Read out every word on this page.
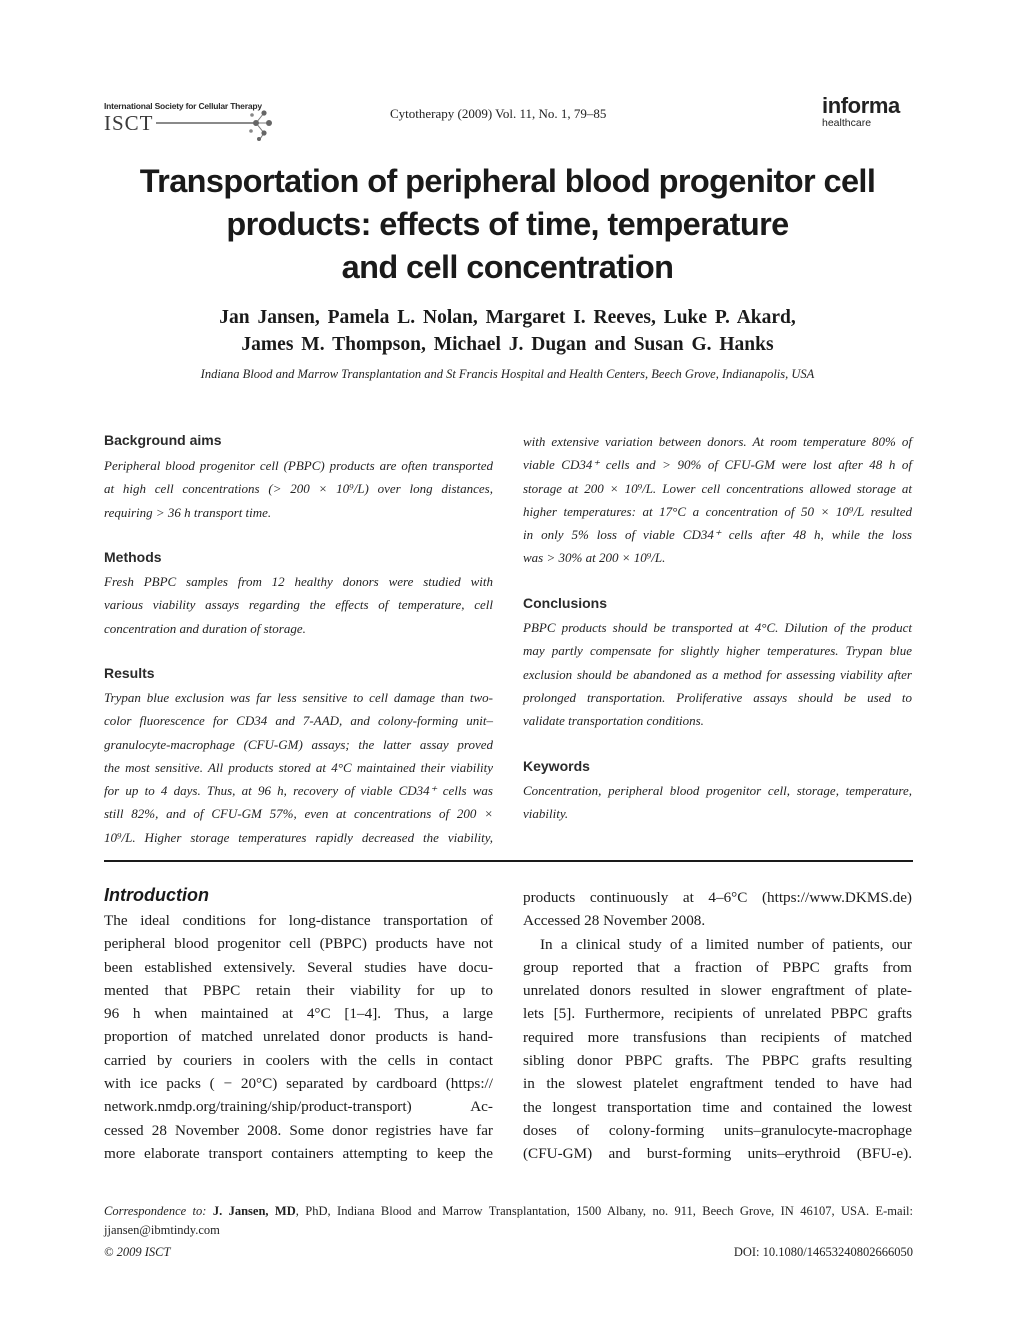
International Society for Cellular Therapy
ISCT	Cytotherapy (2009) Vol. 11, No. 1, 79–85	informa
healthcare
Transportation of peripheral blood progenitor cell
products: effects of time, temperature
and cell concentration
Jan Jansen, Pamela L. Nolan, Margaret I. Reeves, Luke P. Akard,
James M. Thompson, Michael J. Dugan and Susan G. Hanks
Indiana Blood and Marrow Transplantation and St Francis Hospital and Health Centers, Beech Grove, Indianapolis, USA
Background aims
Peripheral blood progenitor cell (PBPC) products are often transported
at high cell concentrations (> 200 × 10⁹/L) over long distances,
requiring > 36 h transport time.
Methods
Fresh PBPC samples from 12 healthy donors were studied with
various viability assays regarding the effects of temperature, cell
concentration and duration of storage.
Results
Trypan blue exclusion was far less sensitive to cell damage than two-
color fluorescence for CD34 and 7-AAD, and colony-forming unit–
granulocyte-macrophage (CFU-GM) assays; the latter assay proved
the most sensitive. All products stored at 4°C maintained their viability
for up to 4 days. Thus, at 96 h, recovery of viable CD34⁺ cells was
still 82%, and of CFU-GM 57%, even at concentrations of 200 ×
10⁹/L. Higher storage temperatures rapidly decreased the viability,
with extensive variation between donors. At room temperature 80% of
viable CD34⁺ cells and > 90% of CFU-GM were lost after 48 h of
storage at 200 × 10⁹/L. Lower cell concentrations allowed storage at
higher temperatures: at 17°C a concentration of 50 × 10⁹/L resulted
in only 5% loss of viable CD34⁺ cells after 48 h, while the loss
was > 30% at 200 × 10⁹/L.
Conclusions
PBPC products should be transported at 4°C. Dilution of the product
may partly compensate for slightly higher temperatures. Trypan blue
exclusion should be abandoned as a method for assessing viability after
prolonged transportation. Proliferative assays should be used to
validate transportation conditions.
Keywords
Concentration, peripheral blood progenitor cell, storage, temperature,
viability.
Introduction
The ideal conditions for long-distance transportation of
peripheral blood progenitor cell (PBPC) products have not
been established extensively. Several studies have docu-
mented that PBPC retain their viability for up to
96 h when maintained at 4°C [1–4]. Thus, a large
proportion of matched unrelated donor products is hand-
carried by couriers in coolers with the cells in contact
with ice packs ( − 20°C) separated by cardboard (https://
network.nmdp.org/training/ship/product-transport) Ac-
cessed 28 November 2008. Some donor registries have far
more elaborate transport containers attempting to keep the
products continuously at 4–6°C (https://www.DKMS.de)
Accessed 28 November 2008.
In a clinical study of a limited number of patients, our
group reported that a fraction of PBPC grafts from
unrelated donors resulted in slower engraftment of plate-
lets [5]. Furthermore, recipients of unrelated PBPC grafts
required more transfusions than recipients of matched
sibling donor PBPC grafts. The PBPC grafts resulting
in the slowest platelet engraftment tended to have had
the longest transportation time and contained the lowest
doses of colony-forming units–granulocyte-macrophage
(CFU-GM) and burst-forming units–erythroid (BFU-e).
Correspondence to: J. Jansen, MD, PhD, Indiana Blood and Marrow Transplantation, 1500 Albany, no. 911, Beech Grove, IN 46107, USA. E-mail:
jjansen@ibmtindy.com
© 2009 ISCT	DOI: 10.1080/14653240802666050
